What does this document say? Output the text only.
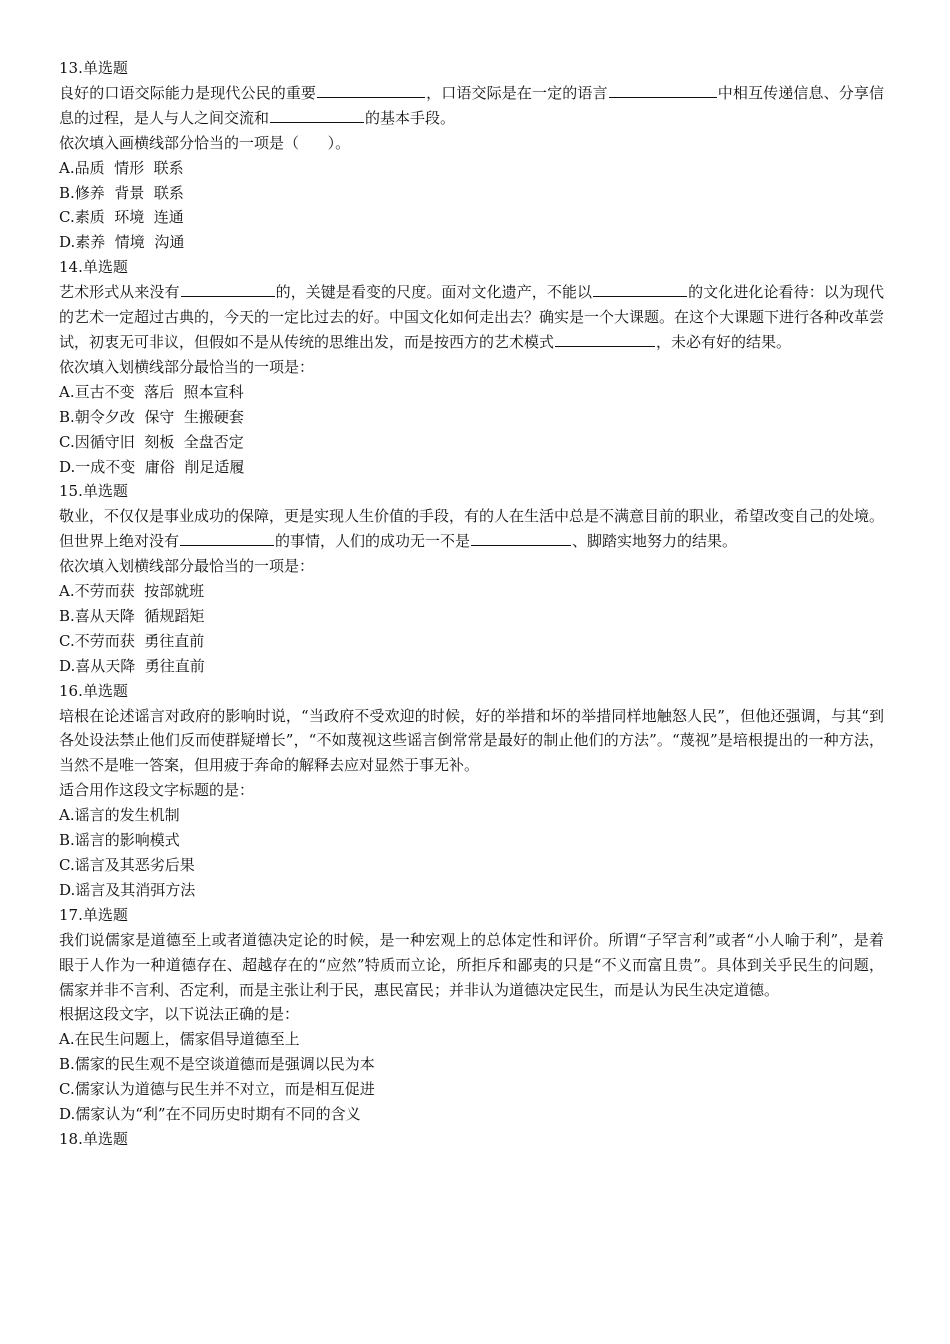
13.单选题

良好的口语交际能力是现代公民的重要	，口语交际是在一定的语言	中相互传递信息、分享信息的过程，是人与人之间交流和	的基本手段。

依次填入画横线部分恰当的一项是（      ）。

A.品质  情形  联系

B.修养  背景  联系

C.素质  环境  连通

D.素养  情境  沟通

14.单选题

艺术形式从来没有	的，关键是看变的尺度。面对文化遗产，不能以	的文化进化论看待：以为现代的艺术一定超过古典的，今天的一定比过去的好。中国文化如何走出去？确实是一个大课题。在这个大课题下进行各种改革尝试，初衷无可非议，但假如不是从传统的思维出发，而是按西方的艺术模式	，未必有好的结果。

依次填入划横线部分最恰当的一项是：

A.亘古不变  落后  照本宣科

B.朝令夕改  保守  生搬硬套

C.因循守旧  刻板  全盘否定

D.一成不变  庸俗  削足适履

15.单选题

敬业，不仅仅是事业成功的保障，更是实现人生价值的手段，有的人在生活中总是不满意目前的职业，希望改变自己的处境。但世界上绝对没有	的事情，人们的成功无一不是	、脚踏实地努力的结果。

依次填入划横线部分最恰当的一项是：

A.不劳而获  按部就班

B.喜从天降  循规蹈矩

C.不劳而获  勇往直前

D.喜从天降  勇往直前

16.单选题

培根在论述谣言对政府的影响时说，“当政府不受欢迎的时候，好的举措和坏的举措同样地触怒人民”，但他还强调，与其“到各处设法禁止他们反而使群疑增长”，“不如蔑视这些谣言倒常常是最好的制止他们的方法”。“蔑视”是培根提出的一种方法，当然不是唯一答案，但用疲于奔命的解释去应对显然于事无补。

适合用作这段文字标题的是：

A.谣言的发生机制

B.谣言的影响模式

C.谣言及其恶劣后果

D.谣言及其消弭方法

17.单选题

我们说儒家是道德至上或者道德决定论的时候，是一种宏观上的总体定性和评价。所谓“子罕言利”或者“小人喻于利”，是着眼于人作为一种道德存在、超越存在的“应然”特质而立论，所拒斥和鄙夷的只是“不义而富且贵”。具体到关乎民生的问题，儒家并非不言利、否定利，而是主张让利于民，惠民富民；并非认为道德决定民生，而是认为民生决定道德。

根据这段文字，以下说法正确的是：

A.在民生问题上，儒家倡导道德至上

B.儒家的民生观不是空谈道德而是强调以民为本

C.儒家认为道德与民生并不对立，而是相互促进

D.儒家认为“利”在不同历史时期有不同的含义

18.单选题
